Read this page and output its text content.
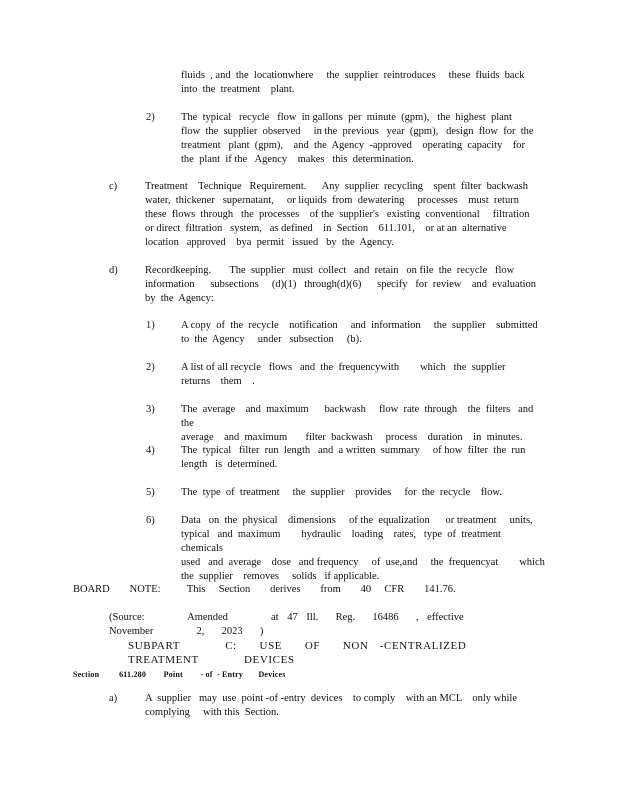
fluids  , and  the  locationwhere     the  supplier  reintroduces     these  fluids  back
into  the  treatment    plant.
2)	The  typical   recycle   flow  in gallons  per  minute  (gpm),   the  highest  plant
flow  the  supplier  observed     in the  previous   year  (gpm),   design  flow  for  the
treatment   plant  (gpm),    and  the  Agency  -approved    operating  capacity    for
the  plant  if the   Agency    makes   this  determination.
c)	Treatment    Technique   Requirement.      Any  supplier  recycling    spent  filter  backwash
water,  thickener   supernatant,     or liquids  from  dewatering     processes    must  return
these  flows  through   the  processes    of the  supplier's   existing  conventional     filtration
or direct  filtration   system,   as defined    in  Section    611.101,    or at an  alternative
location   approved    bya  permit   issued   by  the  Agency.
d)	Recordkeeping.       The  supplier   must  collect   and  retain   on file  the  recycle   flow
information      subsections     (d)(1)   through(d)(6)      specify   for  review    and  evaluation
by  the  Agency:
1)	A copy  of  the  recycle    notification     and  information     the  supplier    submitted
to  the  Agency     under   subsection     (b).
2)	A list of all recycle   flows   and  the  frequencywith        which   the  supplier
returns    them    .
3)	The  average    and  maximum      backwash     flow  rate  through    the  filters   and  the
average    and  maximum       filter  backwash     process    duration    in  minutes.
4)	The  typical   filter  run  length   and  a written  summary     of how  filter  the  run
length   is  determined.
5)	The  type  of  treatment     the  supplier    provides     for  the  recycle    flow.
6)	Data   on  the  physical    dimensions     of the  equalization      or treatment     units,
typical   and  maximum        hydraulic    loading    rates,   type  of  treatment    chemicals
used   and  average    dose   and frequency     of  use,and     the  frequencyat        which
the  supplier    removes     solids   if applicable.
BOARD   NOTE:    This  Section   derives   from   40  CFR   141.76.
(Source:     Amended     at 47 Ill.  Reg.  16486  , effective   November     2,  2023  )
SUBPART    C:  USE  OF  NON -CENTRALIZED    TREATMENT    DEVICES
Section         611.280        Point        - of  - Entry       Devices
a)	A  supplier   may  use  point -of -entry  devices    to comply    with an MCL    only while
complying     with this  Section.
